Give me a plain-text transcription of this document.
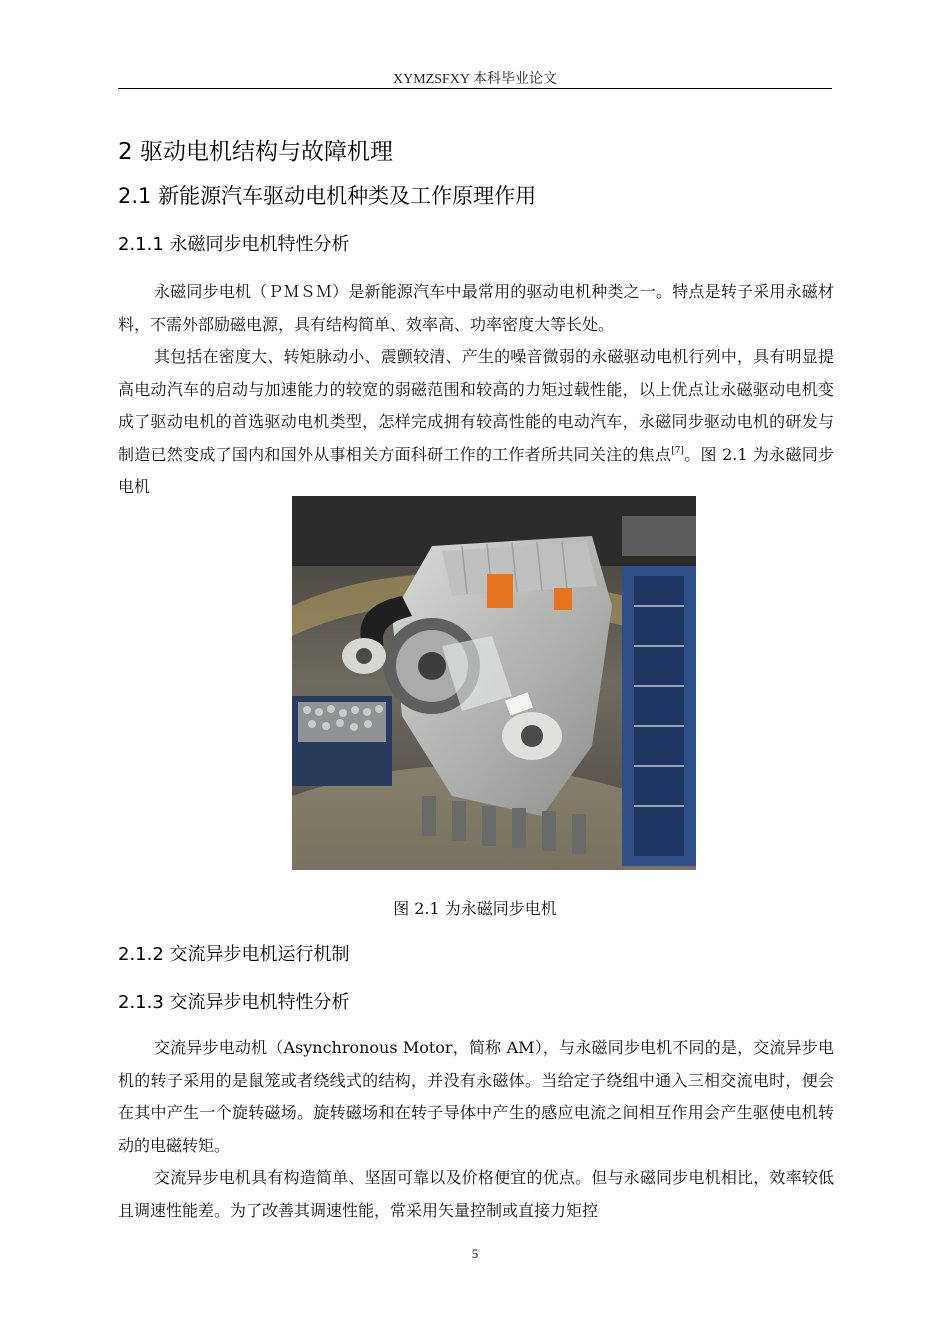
XYMZSFXY 本科毕业论文
2 驱动电机结构与故障机理
2.1 新能源汽车驱动电机种类及工作原理作用
2.1.1 永磁同步电机特性分析
永磁同步电机（ＰＭＳＭ）是新能源汽车中最常用的驱动电机种类之一。特点是转子采用永磁材料，不需外部励磁电源，具有结构简单、效率高、功率密度大等长处。
其包括在密度大、转矩脉动小、震颤较清、产生的噪音微弱的永磁驱动电机行列中，具有明显提高电动汽车的启动与加速能力的较宽的弱磁范围和较高的力矩过载性能，以上优点让永磁驱动电机变成了驱动电机的首选驱动电机类型，怎样完成拥有较高性能的电动汽车，永磁同步驱动电机的研发与制造已然变成了国内和国外从事相关方面科研工作的工作者所共同关注的焦点[7]。图 2.1 为永磁同步电机
图 2.1 为永磁同步电机
2.1.2 交流异步电机运行机制
2.1.3 交流异步电机特性分析
交流异步电动机（Asynchronous Motor，简称 AM），与永磁同步电机不同的是，交流异步电机的转子采用的是鼠笼或者绕线式的结构，并没有永磁体。当给定子绕组中通入三相交流电时，便会在其中产生一个旋转磁场。旋转磁场和在转子导体中产生的感应电流之间相互作用会产生驱使电机转动的电磁转矩。
交流异步电机具有构造简单、坚固可靠以及价格便宜的优点。但与永磁同步电机相比，效率较低且调速性能差。为了改善其调速性能，常采用矢量控制或直接力矩控
5
